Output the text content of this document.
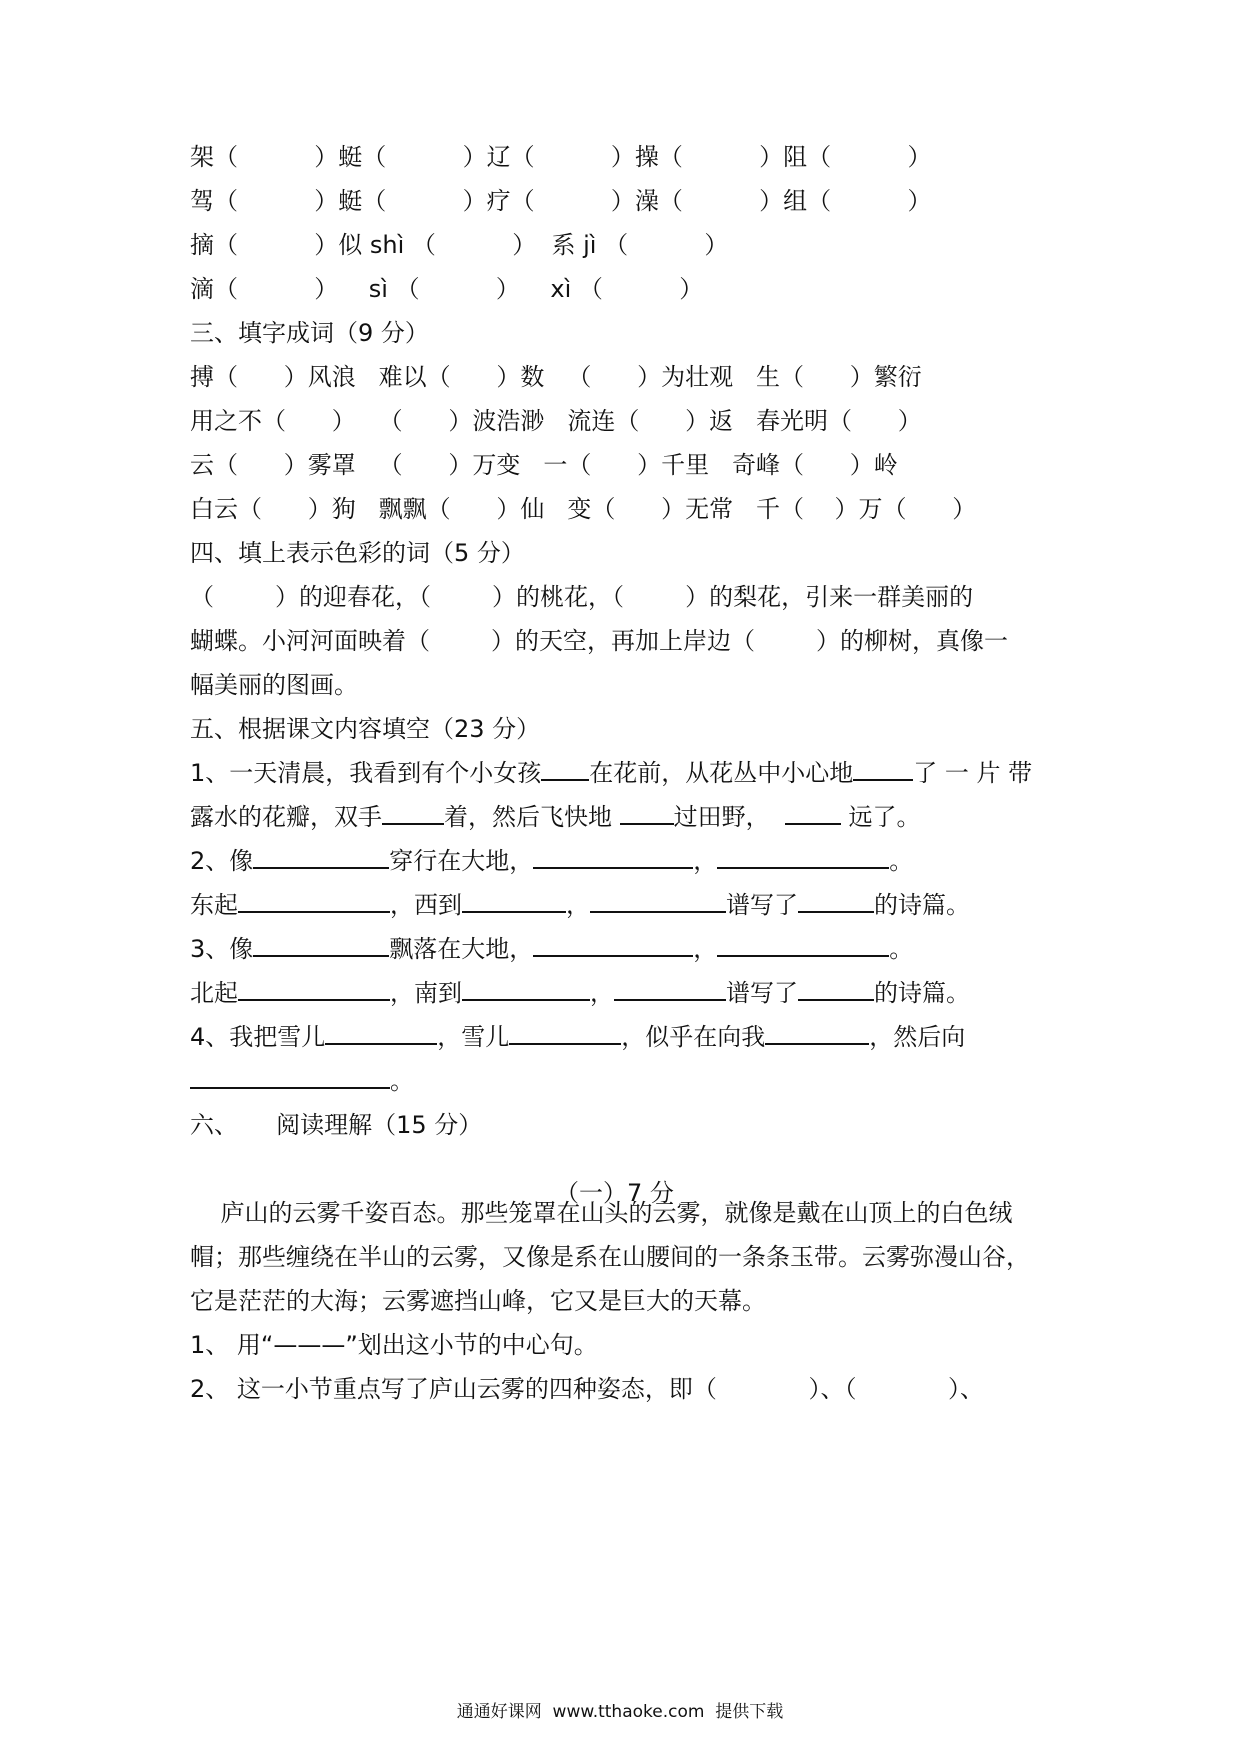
架（          ）蜓（          ）辽（          ）操（          ）阻（          ）

驾（          ）蜓（          ）疗（          ）澡（          ）组（          ）

摘（          ）似 shì （          ）  系 jì （          ）

滴（          ）    sì （          ）    xì （          ）

三、填字成词（9 分）

搏（      ）风浪   难以（      ）数   （      ）为壮观   生（      ）繁衍

用之不（      ）   （      ）波浩渺   流连（      ）返   春光明（      ）

云（      ）雾罩   （      ）万变   一（      ）千里   奇峰（      ）岭

白云（      ）狗   飘飘（      ）仙   变（      ）无常   千（    ）万（      ）

四、填上表示色彩的词（5 分）

（        ）的迎春花，（        ）的桃花，（        ）的梨花，引来一群美丽的

蝴蝶。小河河面映着（        ）的天空，再加上岸边（        ）的柳树，真像一

幅美丽的图画。

五、根据课文内容填空（23 分）

1、一天清晨，我看到有个小女孩 在花前，从花丛中小心地	了 一 片 带

露水的花瓣，双手	着，然后飞快地 过田野，	远了。

2、像	穿行在大地，	，	。

东起	，西到	，	谱写了	的诗篇。

3、像	飘落在大地，	，	。

北起	，南到	，	谱写了	的诗篇。

4、我把雪儿	，雪儿	，似乎在向我	，然后向

。

六、     阅读理解（15 分）

（一）7 分

庐山的云雾千姿百态。那些笼罩在山头的云雾，就像是戴在山顶上的白色绒

帽；那些缠绕在半山的云雾，又像是系在山腰间的一条条玉带。云雾弥漫山谷，

它是茫茫的大海；云雾遮挡山峰，它又是巨大的天幕。

1、 用“———”划出这小节的中心句。

2、 这一小节重点写了庐山云雾的四种姿态，即（            ）、（            ）、

通通好课网  www.tthaoke.com  提供下载
